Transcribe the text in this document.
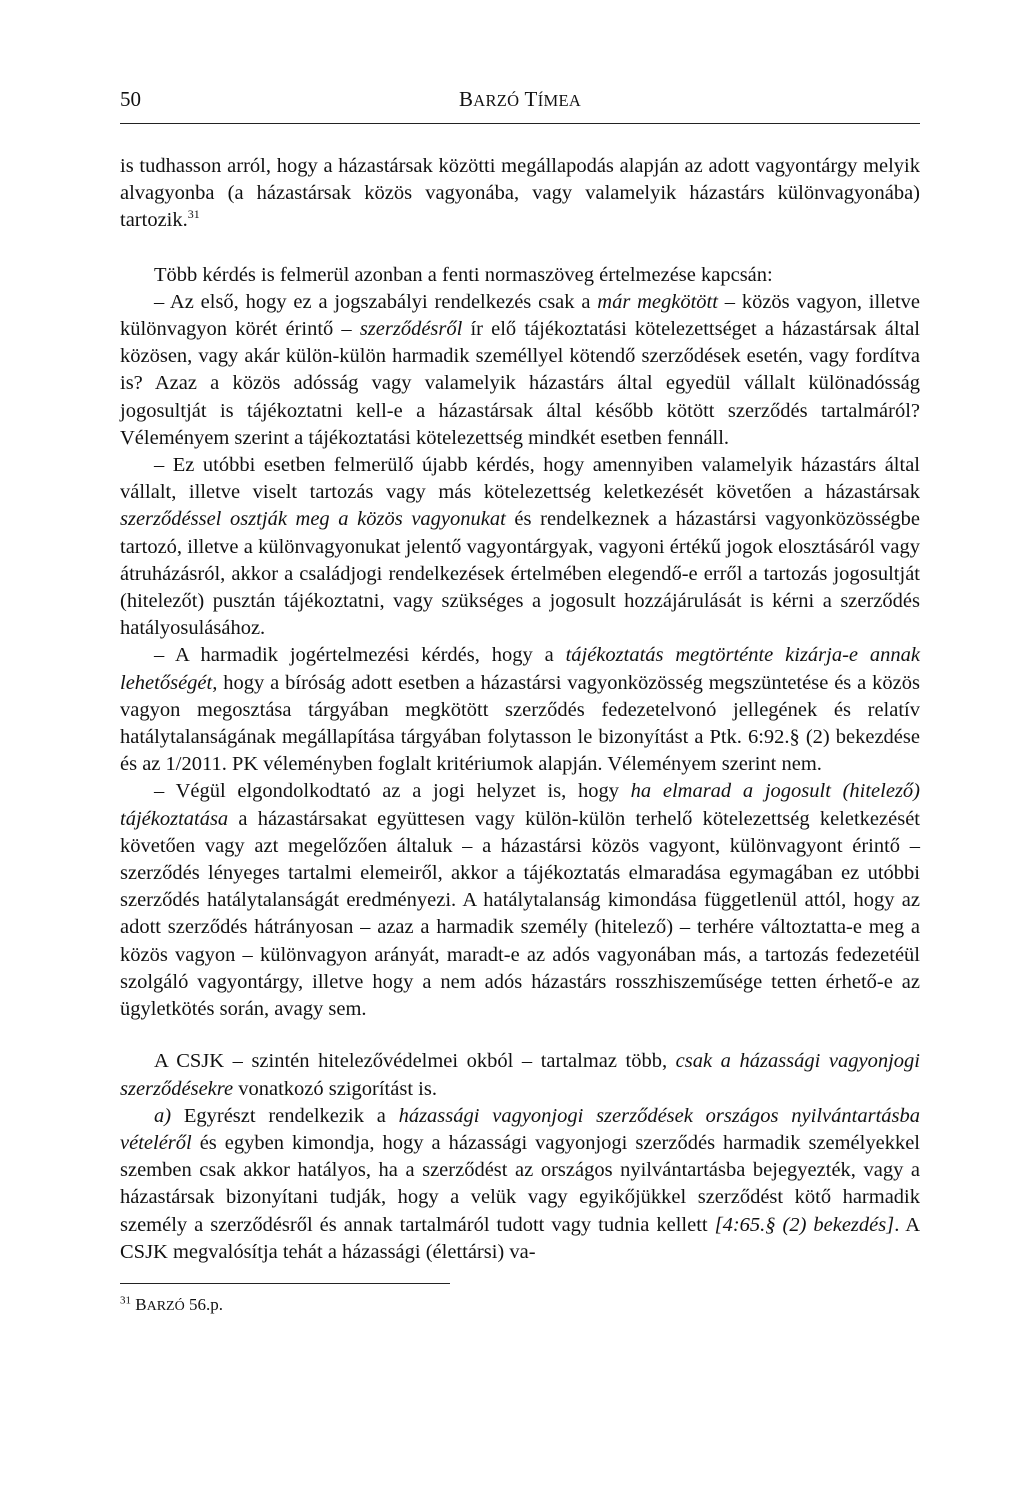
50	BARZÓ TÍMEA

is tudhasson arról, hogy a házastársak közötti megállapodás alapján az adott vagyontárgy melyik alvagyonba (a házastársak közös vagyonába, vagy valamelyik házastárs különvagyonába) tartozik.$^{31}$

Több kérdés is felmerül azonban a fenti normaszöveg értelmezése kapcsán:

– Az első, hogy ez a jogszabályi rendelkezés csak a már megkötött – közös vagyon, illetve különvagyon körét érintő – szerződésről ír elő tájékoztatási kötelezettséget a házastársak által közösen, vagy akár külön-külön harmadik személlyel kötendő szerződések esetén, vagy fordítva is? Azaz a közös adósság vagy valamelyik házastárs által egyedül vállalt különadósság jogosultját is tájékoztatni kell-e a házastársak által később kötött szerződés tartalmáról? Véleményem szerint a tájékoztatási kötelezettség mindkét esetben fennáll.

– Ez utóbbi esetben felmerülő újabb kérdés, hogy amennyiben valamelyik házastárs által vállalt, illetve viselt tartozás vagy más kötelezettség keletkezését követően a házastársak szerződéssel osztják meg a közös vagyonukat és rendelkeznek a házastársi vagyonközösségbe tartozó, illetve a különvagyonukat jelentő vagyontárgyak, vagyoni értékű jogok elosztásáról vagy átruházásról, akkor a családjogi rendelkezések értelmében elegendő-e erről a tartozás jogosultját (hitelezőt) pusztán tájékoztatni, vagy szükséges a jogosult hozzájárulását is kérni a szerződés hatályosulásához.

– A harmadik jogértelmezési kérdés, hogy a tájékoztatás megtörténte kizárja-e annak lehetőségét, hogy a bíróság adott esetben a házastársi vagyonközösség megszüntetése és a közös vagyon megosztása tárgyában megkötött szerződés fedezetelvonó jellegének és relatív hatálytalanságának megállapítása tárgyában folytasson le bizonyítást a Ptk. 6:92.§ (2) bekezdése és az 1/2011. PK véleményben foglalt kritériumok alapján. Véleményem szerint nem.

– Végül elgondolkodtató az a jogi helyzet is, hogy ha elmarad a jogosult (hitelező) tájékoztatása a házastársakat együttesen vagy külön-külön terhelő kötelezettség keletkezését követően vagy azt megelőzően általuk – a házastársi közös vagyont, különvagyont érintő – szerződés lényeges tartalmi elemeiről, akkor a tájékoztatás elmaradása egymagában ez utóbbi szerződés hatálytalanságát eredményezi. A hatálytalanság kimondása függetlenül attól, hogy az adott szerződés hátrányosan – azaz a harmadik személy (hitelező) – terhére változtatta-e meg a közös vagyon – különvagyon arányát, maradt-e az adós vagyonában más, a tartozás fedezetéül szolgáló vagyontárgy, illetve hogy a nem adós házastárs rosszhiszeműsége tetten érhető-e az ügyletkötés során, avagy sem.

A CSJK – szintén hitelezővédelmei okból – tartalmaz több, csak a házassági vagyonjogi szerződésekre vonatkozó szigorítást is.

a) Egyrészt rendelkezik a házassági vagyonjogi szerződések országos nyilvántartásba vételéről és egyben kimondja, hogy a házassági vagyonjogi szerződés harmadik személyekkel szemben csak akkor hatályos, ha a szerződést az országos nyilvántartásba bejegyezték, vagy a házastársak bizonyítani tudják, hogy a velük vagy egyikőjükkel szerződést kötő harmadik személy a szerződésről és annak tartalmáról tudott vagy tudnia kellett [4:65.§ (2) bekezdés]. A CSJK megvalósítja tehát a házassági (élettársi) va-

$^{31}$ BARZÓ 56.p.
